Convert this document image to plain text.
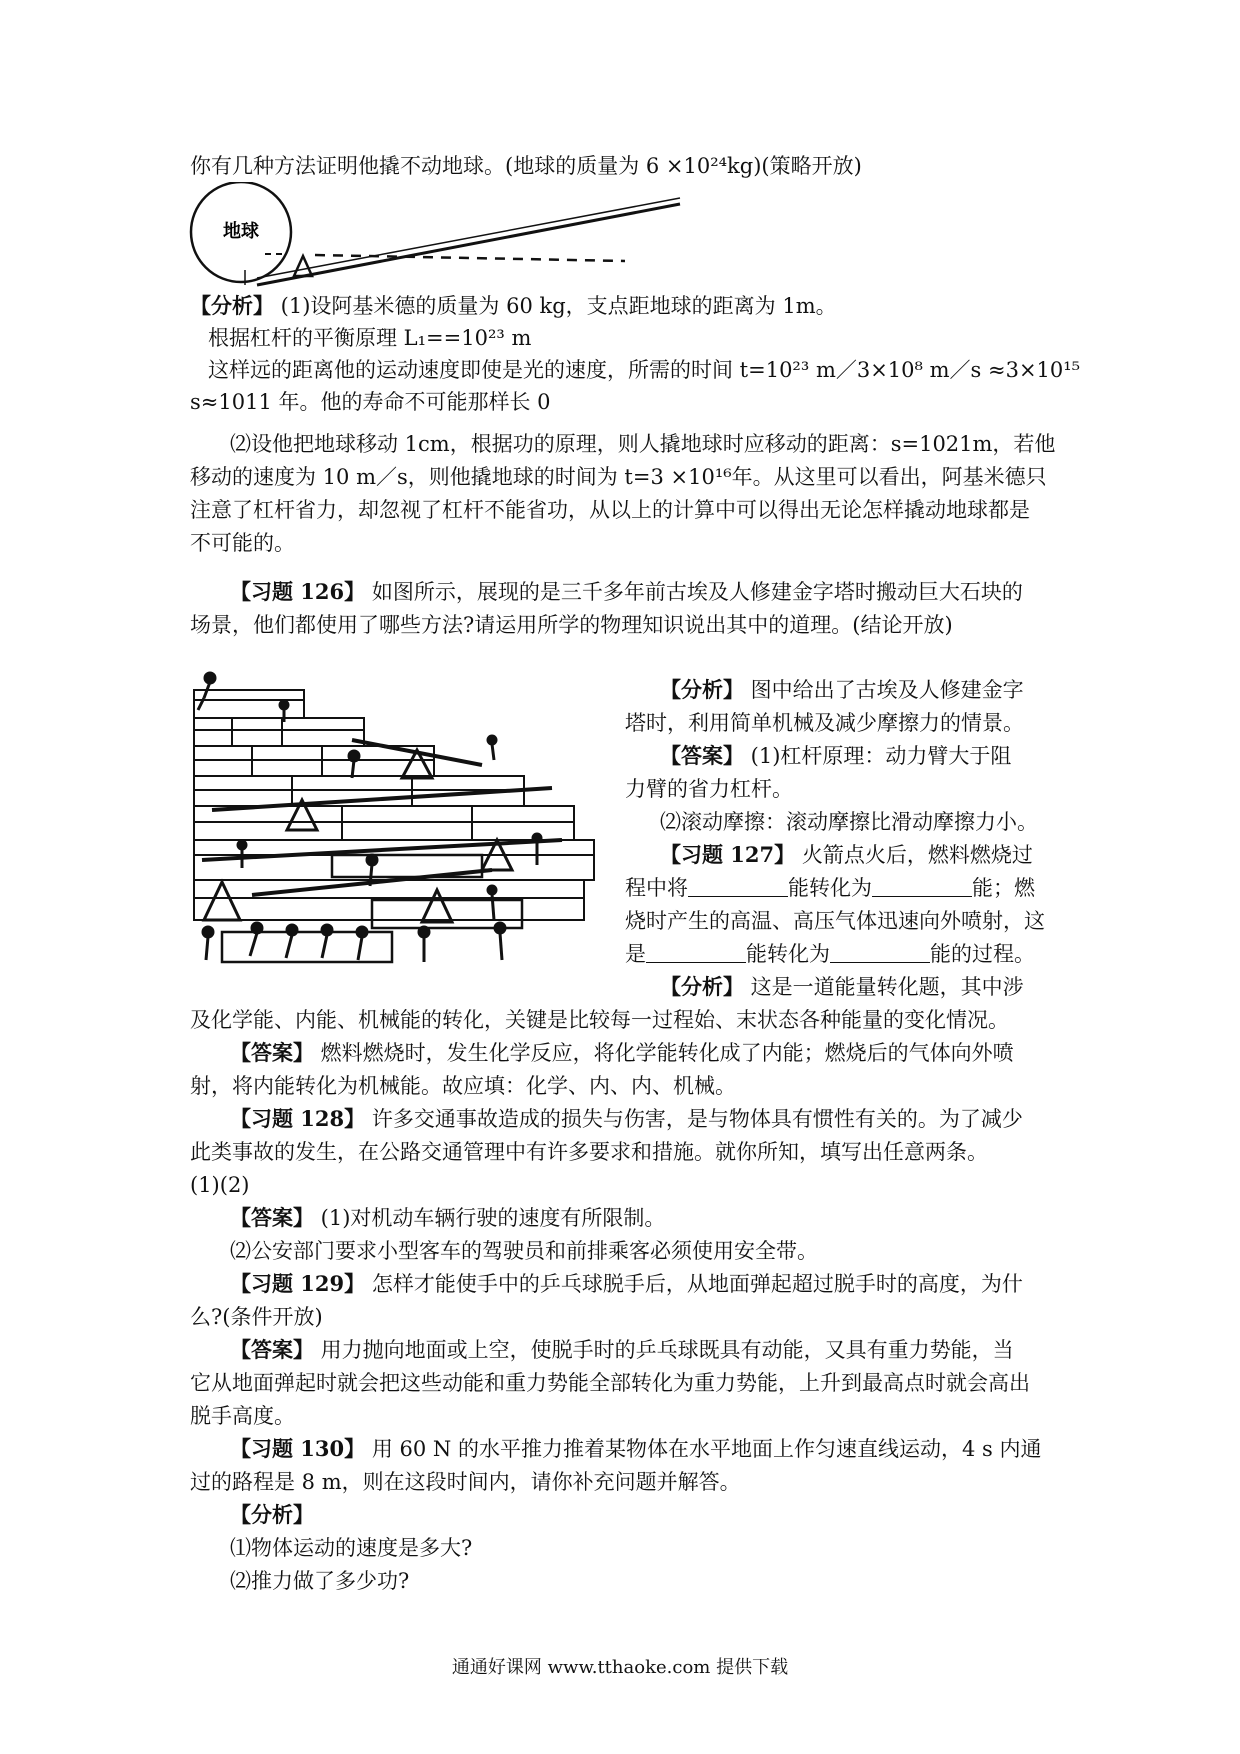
你有几种方法证明他撬不动地球。(地球的质量为 6 ×10²⁴kg)(策略开放)
地球
【分析】 (1)设阿基米德的质量为 60 kg，支点距地球的距离为 1m。
根据杠杆的平衡原理 L₁==10²³ m
这样远的距离他的运动速度即使是光的速度，所需的时间 t=10²³ m／3×10⁸ m／s ≈3×10¹⁵
s≈1011 年。他的寿命不可能那样长 0
⑵设他把地球移动 1cm，根据功的原理，则人撬地球时应移动的距离：s=1021m，若他
移动的速度为 10 m／s，则他撬地球的时间为 t=3 ×10¹⁶年。从这里可以看出，阿基米德只
注意了杠杆省力，却忽视了杠杆不能省功，从以上的计算中可以得出无论怎样撬动地球都是
不可能的。
【习题 126】 如图所示，展现的是三千多年前古埃及人修建金字塔时搬动巨大石块的
场景，他们都使用了哪些方法?请运用所学的物理知识说出其中的道理。(结论开放)
【分析】 图中给出了古埃及人修建金字
塔时，利用简单机械及减少摩擦力的情景。
【答案】 (1)杠杆原理：动力臂大于阻
力臂的省力杠杆。
⑵滚动摩擦：滚动摩擦比滑动摩擦力小。
【习题 127】 火箭点火后，燃料燃烧过
程中将	能转化为	能；燃
烧时产生的高温、高压气体迅速向外喷射，这
是	能转化为	能的过程。
【分析】 这是一道能量转化题，其中涉
及化学能、内能、机械能的转化，关键是比较每一过程始、末状态各种能量的变化情况。
【答案】 燃料燃烧时，发生化学反应，将化学能转化成了内能；燃烧后的气体向外喷
射，将内能转化为机械能。故应填：化学、内、内、机械。
【习题 128】 许多交通事故造成的损失与伤害，是与物体具有惯性有关的。为了减少
此类事故的发生，在公路交通管理中有许多要求和措施。就你所知，填写出任意两条。
(1)(2)
【答案】 (1)对机动车辆行驶的速度有所限制。
⑵公安部门要求小型客车的驾驶员和前排乘客必须使用安全带。
【习题 129】 怎样才能使手中的乒乓球脱手后，从地面弹起超过脱手时的高度，为什
么?(条件开放)
【答案】 用力抛向地面或上空，使脱手时的乒乓球既具有动能，又具有重力势能，当
它从地面弹起时就会把这些动能和重力势能全部转化为重力势能，上升到最高点时就会高出
脱手高度。
【习题 130】 用 60 N 的水平推力推着某物体在水平地面上作匀速直线运动，4 s 内通
过的路程是 8 m，则在这段时间内，请你补充问题并解答。
【分析】
⑴物体运动的速度是多大?
⑵推力做了多少功?
通通好课网 www.tthaoke.com 提供下载
